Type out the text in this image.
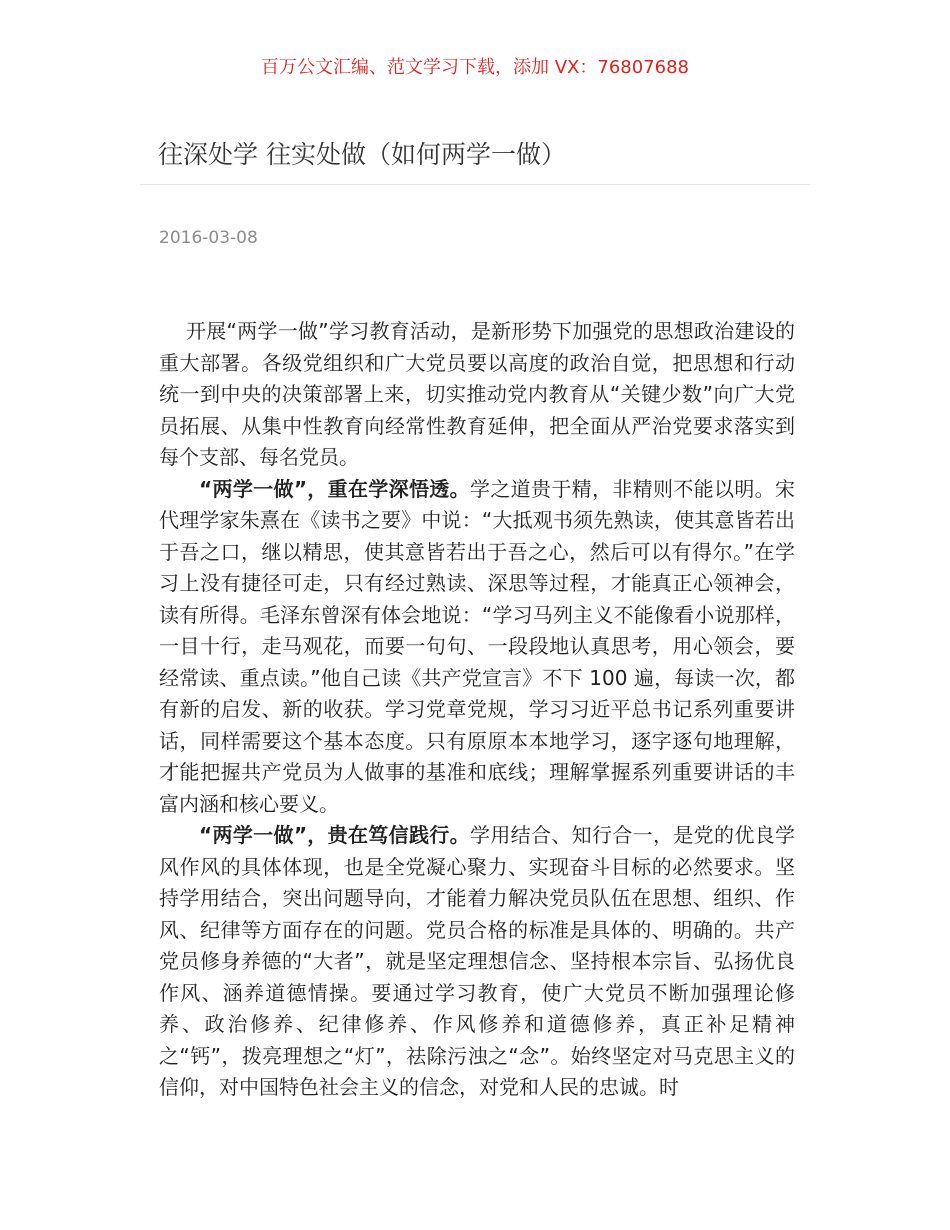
百万公文汇编、范文学习下载，添加 VX：76807688
往深处学 往实处做（如何两学一做）
2016-03-08

开展“两学一做”学习教育活动，是新形势下加强党的思想政治建设的重大部署。各级党组织和广大党员要以高度的政治自觉，把思想和行动统一到中央的决策部署上来，切实推动党内教育从“关键少数”向广大党员拓展、从集中性教育向经常性教育延伸，把全面从严治党要求落实到每个支部、每名党员。

“两学一做”，重在学深悟透。学之道贵于精，非精则不能以明。宋代理学家朱熹在《读书之要》中说：“大抵观书须先熟读，使其意皆若出于吾之口，继以精思，使其意皆若出于吾之心，然后可以有得尔。”在学习上没有捷径可走，只有经过熟读、深思等过程，才能真正心领神会，读有所得。毛泽东曾深有体会地说：“学习马列主义不能像看小说那样，一目十行，走马观花，而要一句句、一段段地认真思考，用心领会，要经常读、重点读。”他自己读《共产党宣言》不下 100 遍，每读一次，都有新的启发、新的收获。学习党章党规，学习习近平总书记系列重要讲话，同样需要这个基本态度。只有原原本本地学习，逐字逐句地理解，才能把握共产党员为人做事的基准和底线；理解掌握系列重要讲话的丰富内涵和核心要义。

“两学一做”，贵在笃信践行。学用结合、知行合一，是党的优良学风作风的具体体现，也是全党凝心聚力、实现奋斗目标的必然要求。坚持学用结合，突出问题导向，才能着力解决党员队伍在思想、组织、作风、纪律等方面存在的问题。党员合格的标准是具体的、明确的。共产党员修身养德的“大者”，就是坚定理想信念、坚持根本宗旨、弘扬优良作风、涵养道德情操。要通过学习教育，使广大党员不断加强理论修养、政治修养、纪律修养、作风修养和道德修养，真正补足精神之“钙”，拨亮理想之“灯”，祛除污浊之“念”。始终坚定对马克思主义的信仰，对中国特色社会主义的信念，对党和人民的忠诚。时
